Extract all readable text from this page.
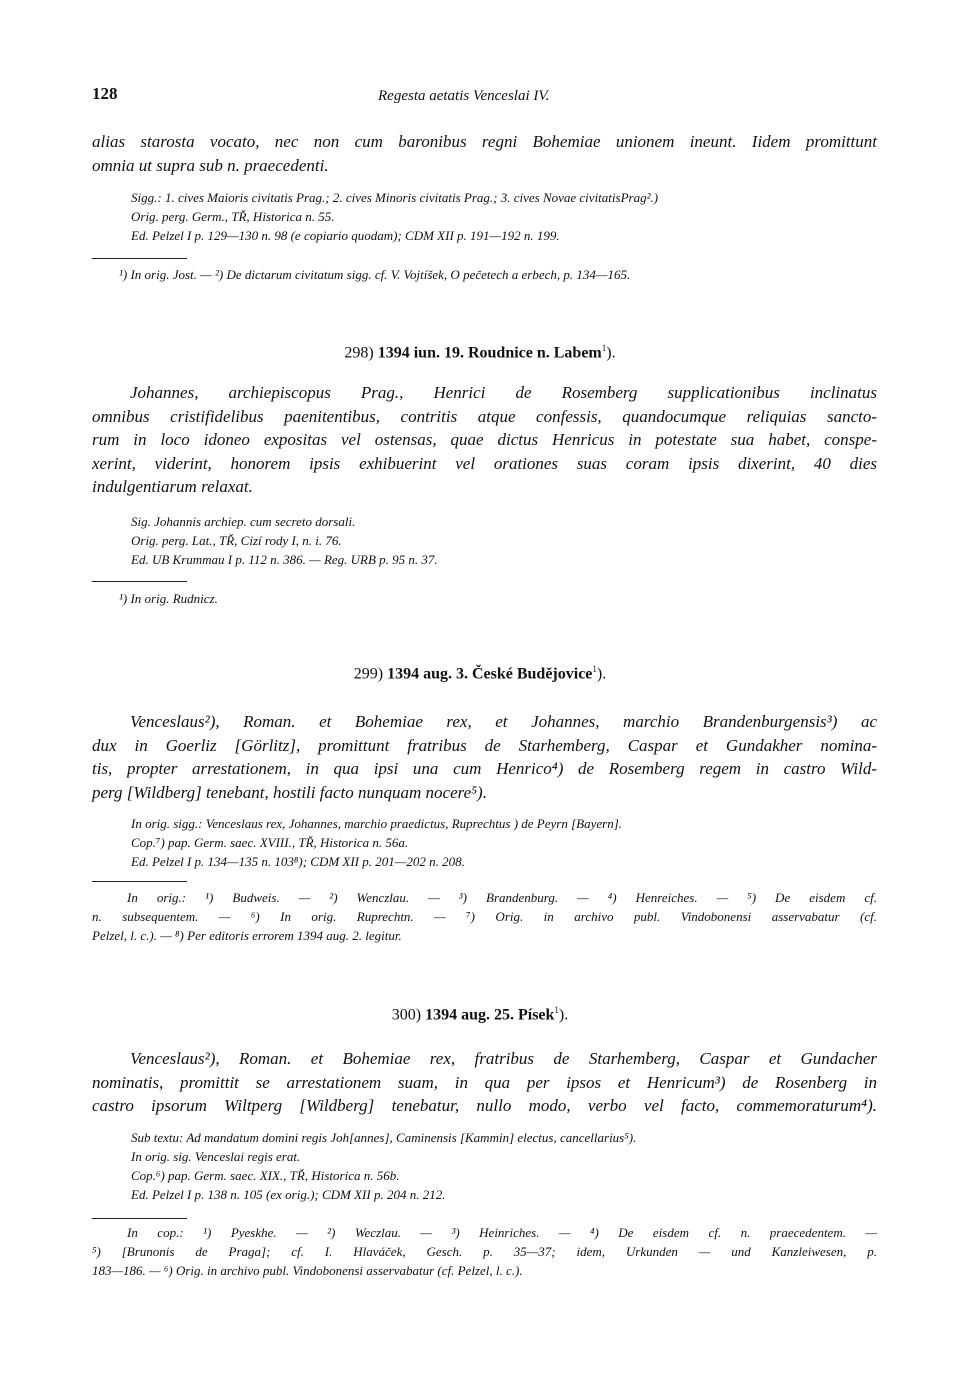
128	Regesta aetatis Venceslai IV.
alias starosta vocato, nec non cum baronibus regni Bohemiae unionem ineunt. Iidem promittunt
omnia ut supra sub n. praecedenti.
Sigg.: 1. cives Maioris civitatis Prag.; 2. cives Minoris civitatis Prag.; 3. cives Novae civitatisPrag².)
Orig. perg. Germ., TŘ, Historica n. 55.
Ed. Pelzel I p. 129—130 n. 98 (e copiario quodam); CDM XII p. 191—192 n. 199.
¹) In orig. Jost. — ²) De dictarum civitatum sigg. cf. V. Vojtíšek, O pečetech a erbech, p. 134—165.
298) 1394 iun. 19. Roudnice n. Labem$^1$).
Johannes, archiepiscopus Prag., Henrici de Rosemberg supplicationibus inclinatus
omnibus cristifidelibus paenitentibus, contritis atque confessis, quandocumque reliquias sancto-
rum in loco idoneo expositas vel ostensas, quae dictus Henricus in potestate sua habet, conspe-
xerint, viderint, honorem ipsis exhibuerint vel orationes suas coram ipsis dixerint, 40 dies
indulgentiarum relaxat.
Sig. Johannis archiep. cum secreto dorsali.
Orig. perg. Lat., TŘ, Cizí rody I, n. i. 76.
Ed. UB Krummau I p. 112 n. 386. — Reg. URB p. 95 n. 37.
¹) In orig. Rudnicz.
299) 1394 aug. 3. České Budějovice$^1$).
Venceslaus²), Roman. et Bohemiae rex, et Johannes, marchio Brandenburgensis³) ac
dux in Goerliz [Görlitz], promittunt fratribus de Starhemberg, Caspar et Gundakher nomina-
tis, propter arrestationem, in qua ipsi una cum Henrico⁴) de Rosemberg regem in castro Wild-
perg [Wildberg] tenebant, hostili facto nunquam nocere⁵).
In orig. sigg.: Venceslaus rex, Johannes, marchio praedictus, Ruprechtus ) de Peyrn [Bayern].
Cop.⁷) pap. Germ. saec. XVIII., TŘ, Historica n. 56a.
Ed. Pelzel I p. 134—135 n. 103⁸); CDM XII p. 201—202 n. 208.
In orig.: ¹) Budweis. — ²) Wenczlau. — ³) Brandenburg. — ⁴) Henreiches. — ⁵) De eisdem cf.
n. subsequentem. — ⁶) In orig. Ruprechtn. — ⁷) Orig. in archivo publ. Vindobonensi asservabatur (cf.
Pelzel, l. c.). — ⁸) Per editoris errorem 1394 aug. 2. legitur.
300) 1394 aug. 25. Písek$^1$).
Venceslaus²), Roman. et Bohemiae rex, fratribus de Starhemberg, Caspar et Gundacher
nominatis, promittit se arrestationem suam, in qua per ipsos et Henricum³) de Rosenberg in
castro ipsorum Wiltperg [Wildberg] tenebatur, nullo modo, verbo vel facto, commemoraturum⁴).
Sub textu: Ad mandatum domini regis Joh[annes], Caminensis [Kammin] electus, cancellarius⁵).
In orig. sig. Venceslai regis erat.
Cop.⁶) pap. Germ. saec. XIX., TŘ, Historica n. 56b.
Ed. Pelzel I p. 138 n. 105 (ex orig.); CDM XII p. 204 n. 212.
In cop.: ¹) Pyeskhe. — ²) Weczlau. — ³) Heinriches. — ⁴) De eisdem cf. n. praecedentem. —
⁵) [Brunonis de Praga]; cf. I. Hlaváček, Gesch. p. 35—37; idem, Urkunden — und Kanzleiwesen, p.
183—186. — ⁶) Orig. in archivo publ. Vindobonensi asservabatur (cf. Pelzel, l. c.).
